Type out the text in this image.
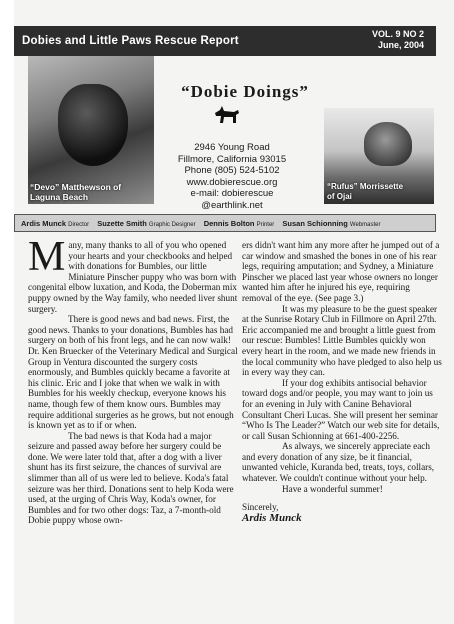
Dobies and Little Paws Rescue Report
VOL. 9 NO 2
June, 2004
“Devo” Matthewson of
Laguna Beach
“Dobie Doings”
2946 Young Road
Fillmore, California 93015
Phone (805) 524-5102
www.dobierescue.org
e-mail: dobierescue
@earthlink.net
“Rufus” Morrissette
of Ojai
Ardis Munck Director Suzette Smith Graphic Designer Dennis Bolton Printer Susan Schionning Webmaster

Many, many thanks to all of you who opened your hearts and your checkbooks and helped with donations for Bumbles, our little Miniature Pinscher puppy who was born with congenital elbow luxation, and Koda, the Doberman mix puppy owned by the Way family, who needed liver shunt surgery.

There is good news and bad news. First, the good news. Thanks to your donations, Bumbles has had surgery on both of his front legs, and he can now walk! Dr. Ken Bruecker of the Veterinary Medical and Surgical Group in Ventura discounted the surgery costs enormously, and Bumbles quickly became a favorite at his clinic. Eric and I joke that when we walk in with Bumbles for his weekly checkup, everyone knows his name, though few of them know ours. Bumbles may require additional surgeries as he grows, but not enough is known yet as to if or when.

The bad news is that Koda had a major seizure and passed away before her surgery could be done. We were later told that, after a dog with a liver shunt has its first seizure, the chances of survival are slimmer than all of us were led to believe. Koda's fatal seizure was her third. Donations sent to help Koda were used, at the urging of Chris Way, Koda's owner, for Bumbles and for two other dogs: Taz, a 7-month-old Dobie puppy whose own-

ers didn't want him any more after he jumped out of a car window and smashed the bones in one of his rear legs, requiring amputation; and Sydney, a Miniature Pinscher we placed last year whose owners no longer wanted him after he injured his eye, requiring removal of the eye. (See page 3.)

It was my pleasure to be the guest speaker at the Sunrise Rotary Club in Fillmore on April 27th. Eric accompanied me and brought a little guest from our rescue: Bumbles! Little Bumbles quickly won every heart in the room, and we made new friends in the local community who have pledged to also help us in every way they can.

If your dog exhibits antisocial behavior toward dogs and/or people, you may want to join us for an evening in July with Canine Behavioral Consultant Cheri Lucas. She will present her seminar “Who Is The Leader?” Watch our web site for details, or call Susan Schionning at 661-400-2256.

As always, we sincerely appreciate each and every donation of any size, be it financial, unwanted vehicle, Kuranda bed, treats, toys, collars, whatever. We couldn't continue without your help.

Have a wonderful summer!

Sincerely,

Ardis Munck
